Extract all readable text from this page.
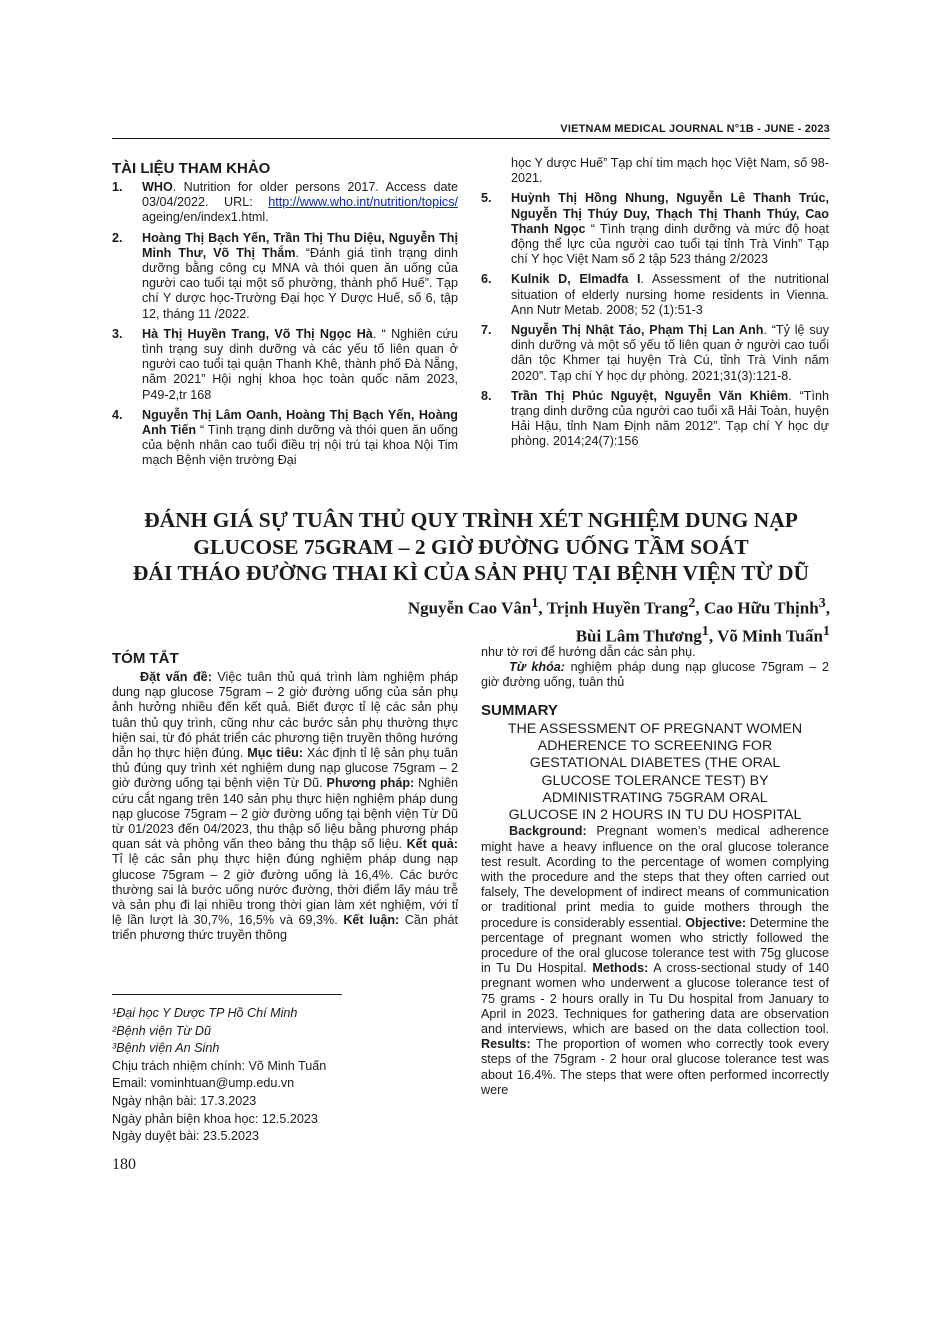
VIETNAM MEDICAL JOURNAL N°1B - JUNE - 2023
TÀI LIỆU THAM KHẢO
1. WHO. Nutrition for older persons 2017. Access date 03/04/2022. URL: http://www.who.int/nutrition/topics/ ageing/en/index1.html.
2. Hoàng Thị Bạch Yến, Trần Thị Thu Diệu, Nguyễn Thị Minh Thư, Võ Thị Thắm. “Đánh giá tình trạng dinh dưỡng bằng công cụ MNA và thói quen ăn uống của người cao tuổi tại một số phường, thành phố Huế”. Tạp chí Y dược học-Trường Đại học Y Dược Huế, số 6, tập 12, tháng 11 /2022.
3. Hà Thị Huyền Trang, Võ Thị Ngọc Hà. “ Nghiên cứu tình trạng suy dinh dưỡng và các yếu tố liên quan ở người cao tuổi tại quận Thanh Khê, thành phố Đà Nẵng, năm 2021” Hội nghị khoa học toàn quốc năm 2023, P49-2,tr 168
4. Nguyễn Thị Lâm Oanh, Hoàng Thị Bạch Yến, Hoàng Anh Tiến “ Tình trạng dinh dưỡng và thói quen ăn uống của bệnh nhân cao tuổi điều trị nội trú tại khoa Nội Tim mạch Bệnh viện trường Đại
học Y dược Huế” Tạp chí tim mạch học Việt Nam, số 98-2021.
5. Huỳnh Thị Hồng Nhung, Nguyễn Lê Thanh Trúc, Nguyễn Thị Thúy Duy, Thạch Thị Thanh Thúy, Cao Thanh Ngọc “ Tình trạng dinh dưỡng và mức độ hoạt động thể lực của người cao tuổi tại tỉnh Trà Vinh” Tạp chí Y học Việt Nam số 2 tập 523 tháng 2/2023
6. Kulnik D, Elmadfa I. Assessment of the nutritional situation of elderly nursing home residents in Vienna. Ann Nutr Metab. 2008; 52 (1):51-3
7. Nguyễn Thị Nhật Tảo, Phạm Thị Lan Anh. “Tỷ lệ suy dinh dưỡng và một số yếu tố liên quan ở người cao tuổi dân tộc Khmer tại huyện Trà Cú, tỉnh Trà Vinh năm 2020”. Tạp chí Y học dự phòng. 2021;31(3):121-8.
8. Trần Thị Phúc Nguyệt, Nguyễn Văn Khiêm. “Tình trạng dinh dưỡng của người cao tuổi xã Hải Toàn, huyện Hải Hậu, tỉnh Nam Định năm 2012”. Tạp chí Y học dự phòng. 2014;24(7):156
ĐÁNH GIÁ SỰ TUÂN THỦ QUY TRÌNH XÉT NGHIỆM DUNG NẠP
GLUCOSE 75GRAM – 2 GIỜ ĐƯỜNG UỐNG TẦM SOÁT
ĐÁI THÁO ĐƯỜNG THAI KÌ CỦA SẢN PHỤ TẠI BỆNH VIỆN TỪ DŨ
Nguyễn Cao Vân$^1$, Trịnh Huyền Trang$^2$, Cao Hữu Thịnh$^3$,
Bùi Lâm Thương$^1$, Võ Minh Tuấn$^1$
TÓM TẮT

Đặt vấn đề: Việc tuân thủ quá trình làm nghiệm pháp dung nạp glucose 75gram – 2 giờ đường uống của sản phụ ảnh hưởng nhiều đến kết quả. Biết được tỉ lệ các sản phụ tuân thủ quy trình, cũng như các bước sản phụ thường thực hiện sai, từ đó phát triển các phương tiện truyền thông hướng dẫn họ thực hiện đúng. Mục tiêu: Xác định tỉ lệ sản phụ tuân thủ đúng quy trình xét nghiệm dung nạp glucose 75gram – 2 giờ đường uống tại bệnh viện Từ Dũ. Phương pháp: Nghiên cứu cắt ngang trên 140 sản phụ thực hiện nghiệm pháp dung nạp glucose 75gram – 2 giờ đường uống tại bệnh viện Từ Dũ từ 01/2023 đến 04/2023, thu thập số liệu bằng phương pháp quan sát và phỏng vấn theo bảng thu thập số liệu. Kết quả: Tỉ lệ các sản phụ thực hiện đúng nghiệm pháp dung nạp glucose 75gram – 2 giờ đường uống là 16,4%. Các bước thường sai là bước uống nước đường, thời điểm lấy máu trễ và sản phụ đi lại nhiều trong thời gian làm xét nghiệm, với tỉ lệ lần lượt là 30,7%, 16,5% và 69,3%. Kết luận: Cần phát triển phương thức truyền thông

¹Đại học Y Dược TP Hồ Chí Minh
²Bệnh viện Từ Dũ
³Bệnh viện An Sinh
Chịu trách nhiệm chính: Võ Minh Tuấn
Email: vominhtuan@ump.edu.vn
Ngày nhận bài: 17.3.2023
Ngày phản biện khoa học: 12.5.2023
Ngày duyệt bài: 23.5.2023

như tờ rơi để hướng dẫn các sản phụ.

Từ khóa: nghiệm pháp dung nạp glucose 75gram – 2 giờ đường uống, tuân thủ

SUMMARY
THE ASSESSMENT OF PREGNANT WOMEN
ADHERENCE TO SCREENING FOR
GESTATIONAL DIABETES (THE ORAL
GLUCOSE TOLERANCE TEST) BY
ADMINISTRATING 75GRAM ORAL
GLUCOSE IN 2 HOURS IN TU DU HOSPITAL

Background: Pregnant women’s medical adherence might have a heavy influence on the oral glucose tolerance test result. Acording to the percentage of women complying with the procedure and the steps that they often carried out falsely, The development of indirect means of communication or traditional print media to guide mothers through the procedure is considerably essential. Objective: Determine the percentage of pregnant women who strictly followed the procedure of the oral glucose tolerance test with 75g glucose in Tu Du Hospital. Methods: A cross-sectional study of 140 pregnant women who underwent a glucose tolerance test of 75 grams - 2 hours orally in Tu Du hospital from January to April in 2023. Techniques for gathering data are observation and interviews, which are based on the data collection tool. Results: The proportion of women who correctly took every steps of the 75gram - 2 hour oral glucose tolerance test was about 16.4%. The steps that were often performed incorrectly were

180
